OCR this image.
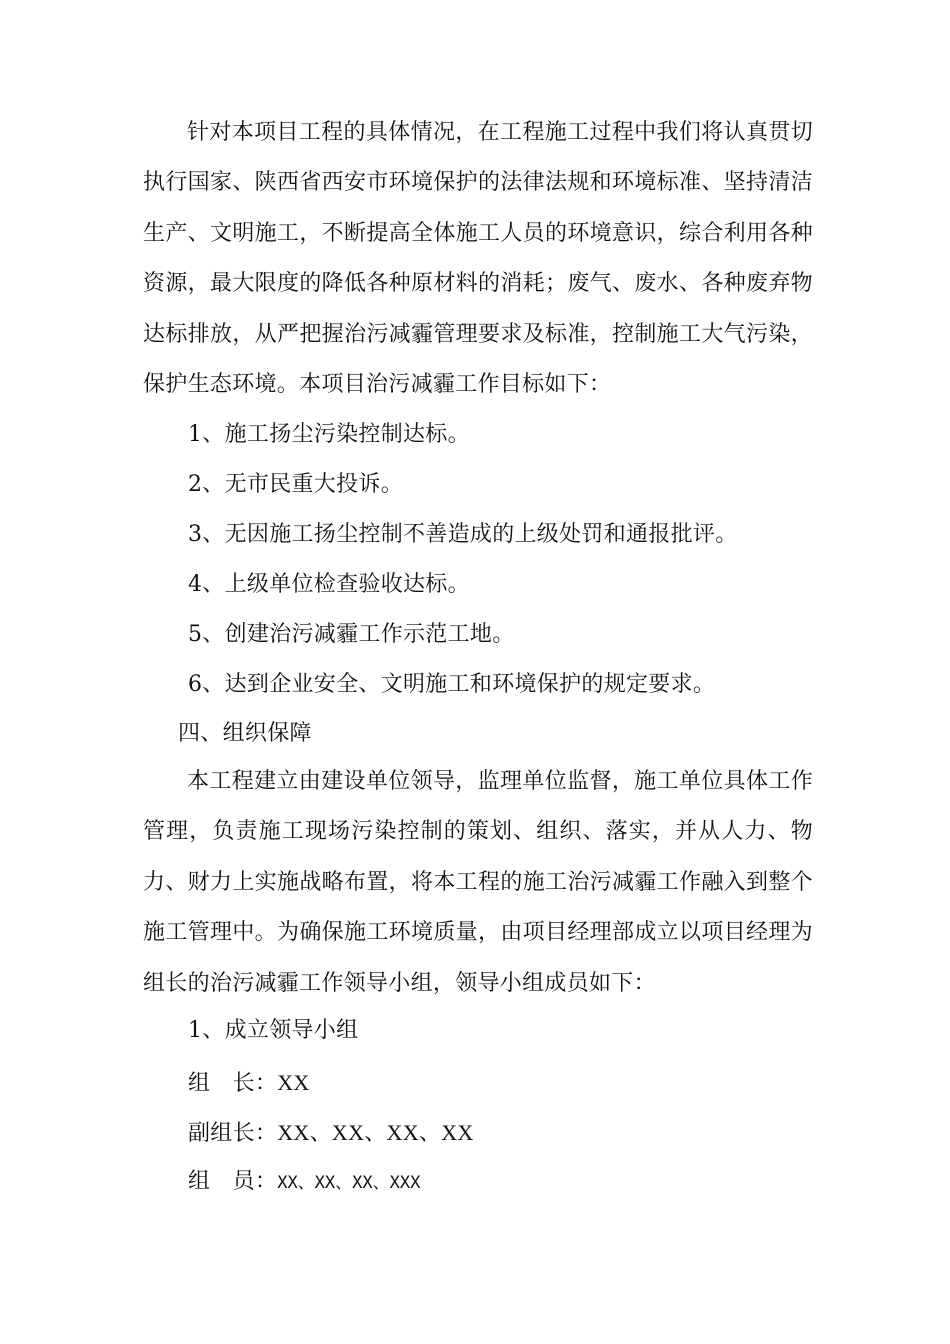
针对本项目工程的具体情况，在工程施工过程中我们将认真贯切执行国家、陕西省西安市环境保护的法律法规和环境标准、坚持清洁生产、文明施工，不断提高全体施工人员的环境意识，综合利用各种资源，最大限度的降低各种原材料的消耗；废气、废水、各种废弃物达标排放，从严把握治污减霾管理要求及标准，控制施工大气污染，保护生态环境。本项目治污减霾工作目标如下：

1、施工扬尘污染控制达标。

2、无市民重大投诉。

3、无因施工扬尘控制不善造成的上级处罚和通报批评。

4、上级单位检查验收达标。

5、创建治污减霾工作示范工地。

6、达到企业安全、文明施工和环境保护的规定要求。

四、组织保障

本工程建立由建设单位领导，监理单位监督，施工单位具体工作管理，负责施工现场污染控制的策划、组织、落实，并从人力、物力、财力上实施战略布置，将本工程的施工治污减霾工作融入到整个施工管理中。为确保施工环境质量，由项目经理部成立以项目经理为组长的治污减霾工作领导小组，领导小组成员如下：

1、成立领导小组

组　长：XX

副组长：XX、XX、XX、XX

组　员：XX、XX、XX、XXX
